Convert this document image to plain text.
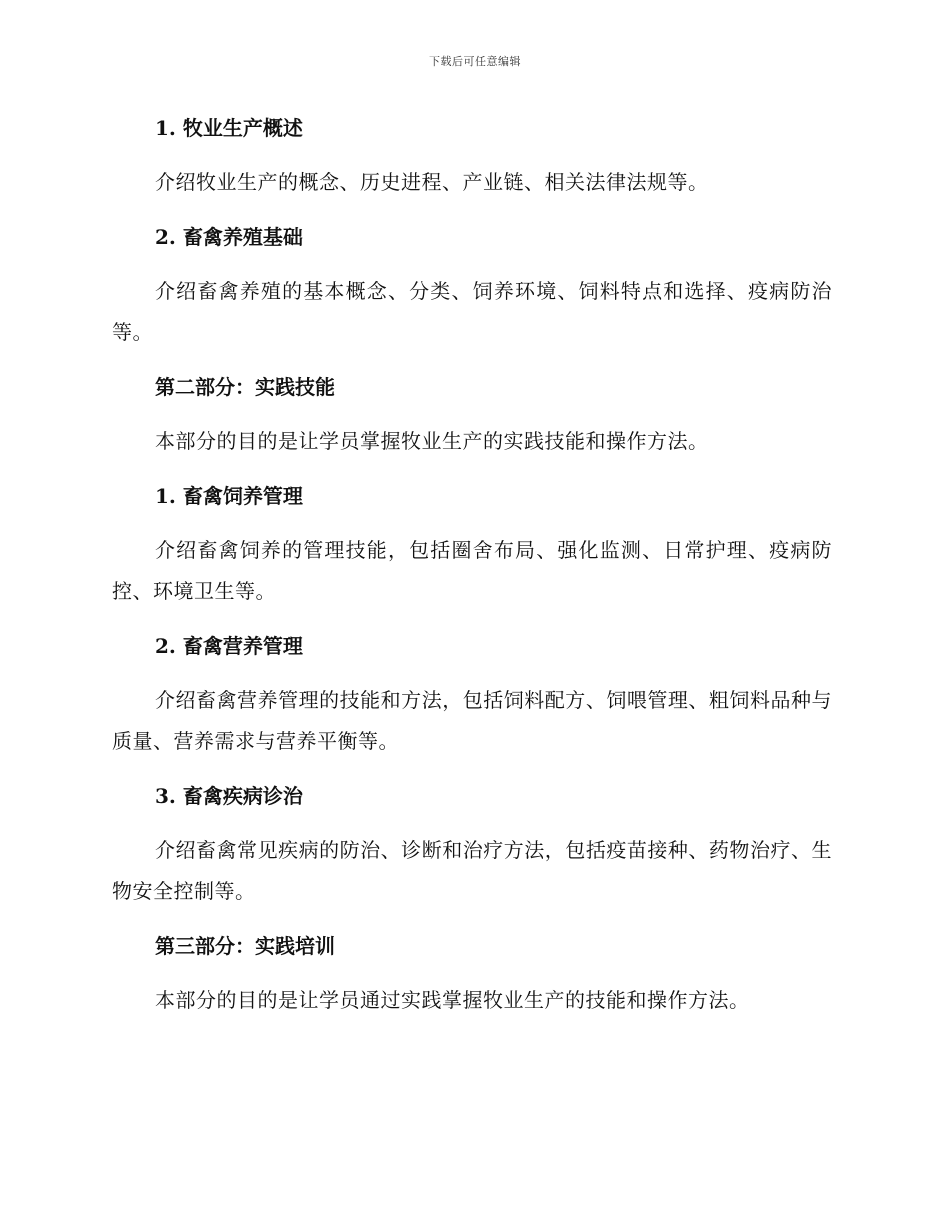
下载后可任意编辑
1. 牧业生产概述

介绍牧业生产的概念、历史进程、产业链、相关法律法规等。

2. 畜禽养殖基础

介绍畜禽养殖的基本概念、分类、饲养环境、饲料特点和选择、疫病防治等。

第二部分：实践技能

本部分的目的是让学员掌握牧业生产的实践技能和操作方法。

1. 畜禽饲养管理

介绍畜禽饲养的管理技能，包括圈舍布局、强化监测、日常护理、疫病防控、环境卫生等。

2. 畜禽营养管理

介绍畜禽营养管理的技能和方法，包括饲料配方、饲喂管理、粗饲料品种与质量、营养需求与营养平衡等。

3. 畜禽疾病诊治

介绍畜禽常见疾病的防治、诊断和治疗方法，包括疫苗接种、药物治疗、生物安全控制等。

第三部分：实践培训

本部分的目的是让学员通过实践掌握牧业生产的技能和操作方法。
